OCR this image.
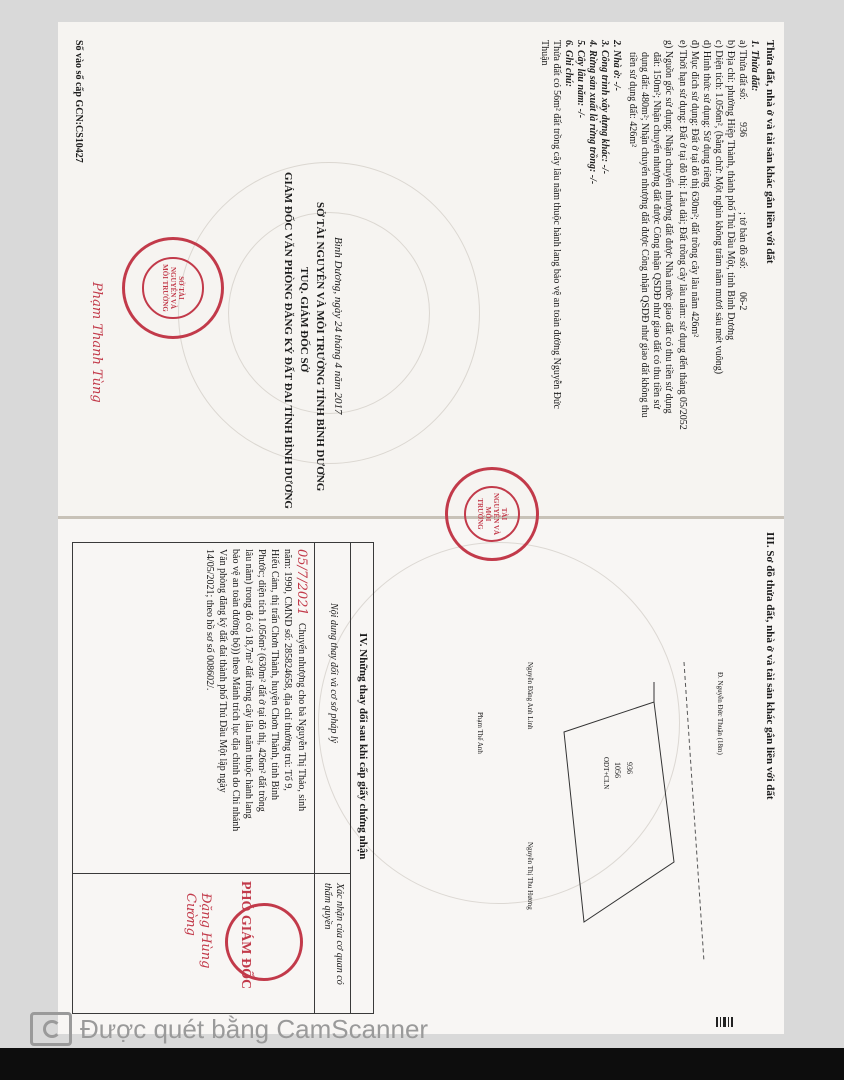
Thửa đất, nhà ở và tài sản khác gắn liền với đất
1. Thửa đất:
a) Thửa đất số:
936
; tờ bản đồ số:
06-2
b) Địa chỉ: phường Hiệp Thành, thành phố Thủ Dầu Một, tỉnh Bình Dương
c) Diện tích: 1.056m², (bằng chữ: Một nghìn không trăm năm mươi sáu mét vuông)
d) Hình thức sử dụng: Sử dụng riêng
đ) Mục đích sử dụng: Đất ở tại đô thị 630m²; đất trồng cây lâu năm 426m²
e) Thời hạn sử dụng: Đất ở tại đô thị: Lâu dài; Đất trồng cây lâu năm: sử dụng đến tháng 05/2052
g) Nguồn gốc sử dụng: Nhận chuyển nhượng đất được Nhà nước giao đất có thu tiền sử dụng
đất: 150m²; Nhận chuyển nhượng đất được Công nhận QSDĐ như giao đất có thu tiền sử
dụng đất: 480m²; Nhận chuyển nhượng đất được Công nhận QSDĐ như giao đất không thu
tiền sử dụng đất: 426m²
2. Nhà ở: -/-
3. Công trình xây dựng khác: -/-
4. Rừng sản xuất là rừng trồng: -/-
5. Cây lâu năm: -/-
6. Ghi chú:
Thửa đất có 56m² đất trồng cây lâu năm thuộc hành lang bảo vệ an toàn đường Nguyễn Đức
Thuận
Bình Dương, ngày 24 tháng 4 năm 2017
SỞ TÀI NGUYÊN VÀ MÔI TRƯỜNG TỈNH BÌNH DƯƠNG
TUQ. GIÁM ĐỐC SỞ
GIÁM ĐỐC VĂN PHÒNG ĐĂNG KÝ ĐẤT ĐAI TỈNH BÌNH DƯƠNG
Phạm Thanh Tùng
Số vào sổ cấp GCN:CS10427
SỞ TÀI NGUYÊN VÀ MÔI TRƯỜNG
TÀI NGUYÊN VÀ MÔI TRƯỜNG
III. Sơ đồ thửa đất, nhà ở và tài sản khác gắn liền với đất
Đ. Nguyễn Đức Thuận (18m)
936
1056
ODT+CLN
Nguyễn Đăng Anh Linh
Nguyễn Thị Thu Hương
Phạm Thế Anh
IV. Những thay đổi sau khi cấp giấy chứng nhận
Nội dung thay đổi và cơ sở pháp lý
Xác nhận của cơ quan có thẩm quyền
05/7/2021
Chuyển nhượng cho bà Nguyễn Thị Thảo, sinh
năm: 1990, CMND số: 285824658, địa chỉ thường trú: Tổ 9,
Hiếu Cảm, thị trấn Chơn Thành, huyện Chơn Thành, tỉnh Bình
Phước; diện tích 1.056m² (630m² đất ở tại đô thị, 426m² đất trồng
lâu năm) trong đó có 18,7m² đất trồng cây lâu năm thuộc hành lang
bảo vệ an toàn đường bộ)) theo Mảnh trích lục địa chính do Chi nhánh
Văn phòng đăng ký đất đai thành phố Thủ Dầu Một lập ngày
14/05/2021; theo hồ sơ số 008602/.
PHÓ GIÁM ĐỐC
Đặng Hùng Cường
Được quét bằng CamScanner
